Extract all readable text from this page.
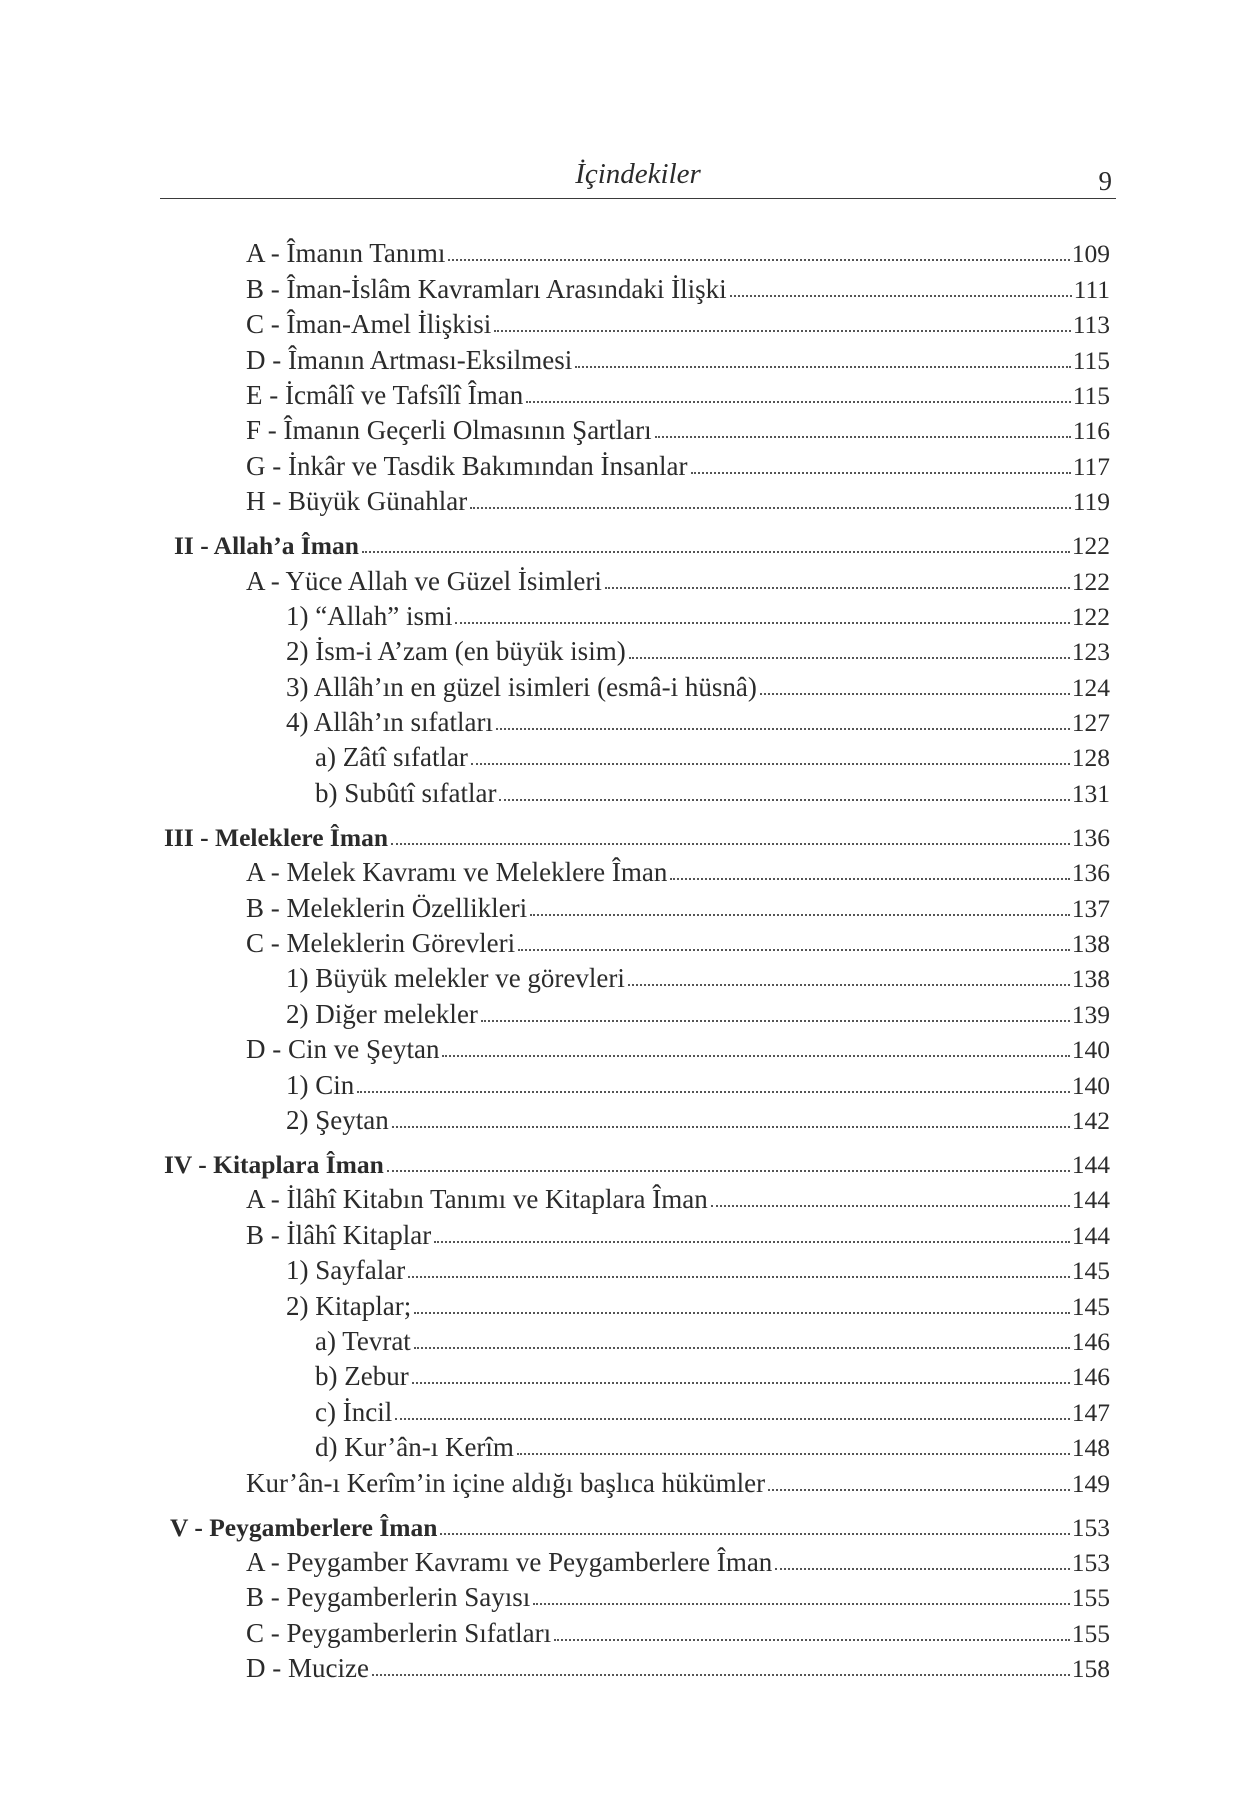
İçindekiler	9
A - Îmanın Tanımı	109
B - Îman-İslâm Kavramları Arasındaki İlişki	111
C - Îman-Amel İlişkisi	113
D - Îmanın Artması-Eksilmesi	115
E - İcmâlî ve Tafsîlî Îman	115
F - Îmanın Geçerli Olmasının Şartları	116
G - İnkâr ve Tasdik Bakımından İnsanlar	117
H - Büyük Günahlar	119
II - Allah’a Îman	122
A - Yüce Allah ve Güzel İsimleri	122
1) “Allah” ismi	122
2) İsm-i A’zam (en büyük isim)	123
3) Allâh’ın en güzel isimleri (esmâ-i hüsnâ)	124
4) Allâh’ın sıfatları	127
a) Zâtî sıfatlar	128
b) Subûtî sıfatlar	131
III - Meleklere Îman	136
A - Melek Kavramı ve Meleklere Îman	136
B - Meleklerin Özellikleri	137
C - Meleklerin Görevleri	138
1) Büyük melekler ve görevleri	138
2) Diğer melekler	139
D - Cin ve Şeytan	140
1) Cin	140
2) Şeytan	142
IV - Kitaplara Îman	144
A - İlâhî Kitabın Tanımı ve Kitaplara Îman	144
B - İlâhî Kitaplar	144
1) Sayfalar	145
2) Kitaplar;	145
a) Tevrat	146
b) Zebur	146
c) İncil	147
d) Kur’ân-ı Kerîm	148
Kur’ân-ı Kerîm’in içine aldığı başlıca hükümler	149
V - Peygamberlere Îman	153
A - Peygamber Kavramı ve Peygamberlere Îman	153
B - Peygamberlerin Sayısı	155
C - Peygamberlerin Sıfatları	155
D - Mucize	158
